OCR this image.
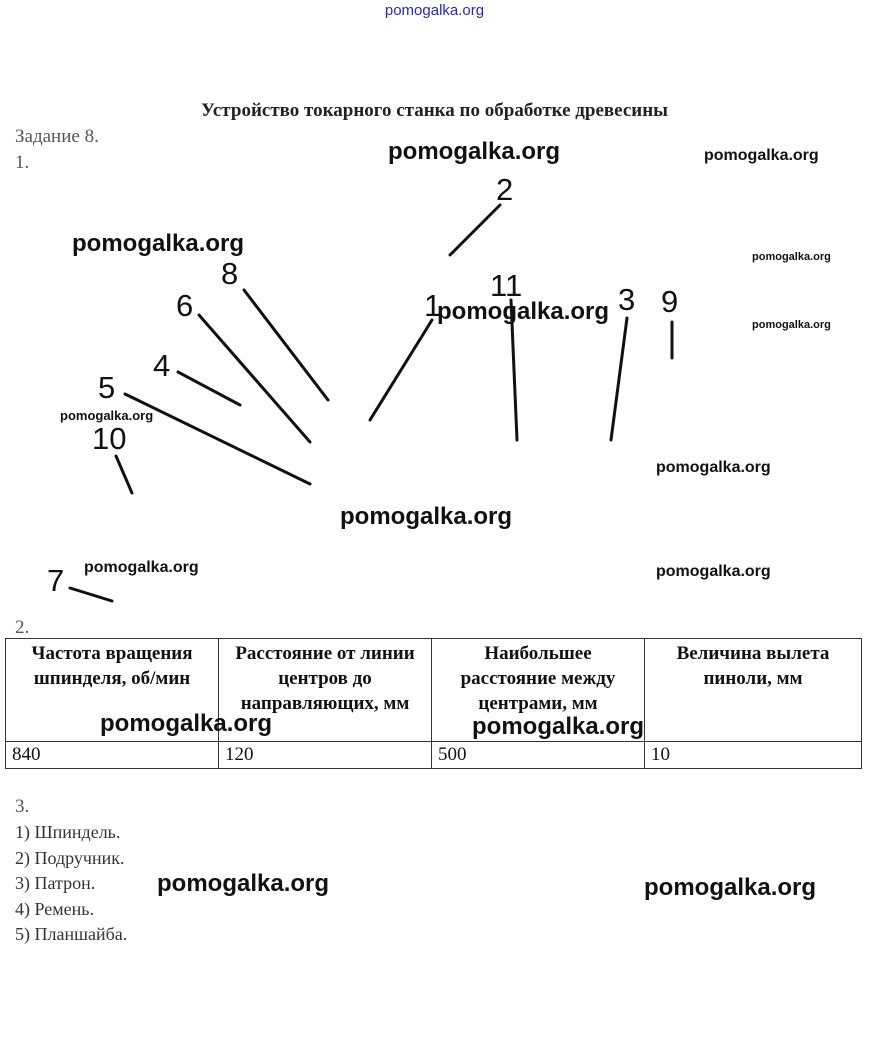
pomogalka.org
Устройство токарного станка по обработке древесины
Задание 8.
1.
2
8
1
11	3 9
6
4
5
10
7
pomogalka.org	pomogalka.org
pomogalka.org	pomogalka.org
pomogalka.org	pomogalka.org
pomogalka.org
pomogalka.org
pomogalka.org
pomogalka.org	pomogalka.org
2.
Частота вращения шпинделя, об/мин	Расстояние от линии центров до направляющих, мм	Наибольшее расстояние между центрами, мм	Величина вылета пиноли, мм
840	120	500	10
pomogalka.org	pomogalka.org
3.
1) Шпиндель.
2) Подручник.
3) Патрон.
4) Ремень.
5) Планшайба.
pomogalka.org	pomogalka.org
